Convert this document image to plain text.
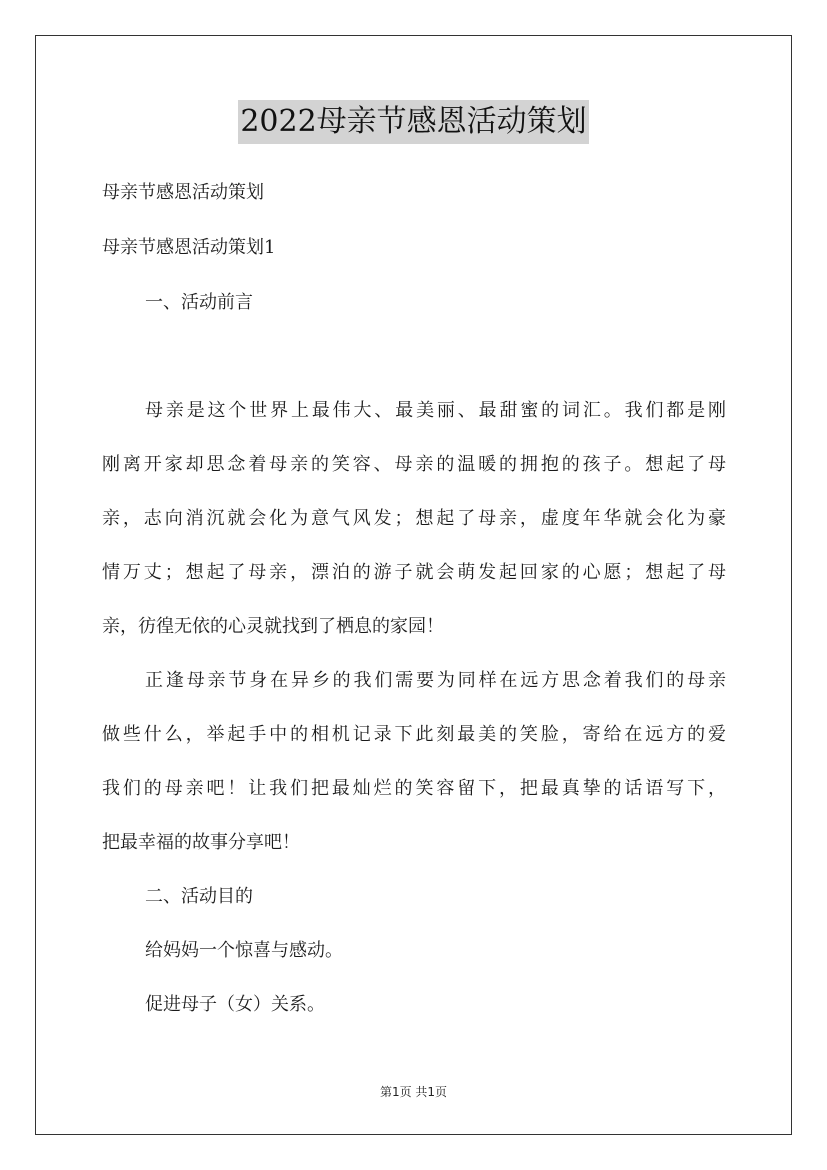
2022母亲节感恩活动策划
母亲节感恩活动策划
母亲节感恩活动策划1
一、活动前言
母亲是这个世界上最伟大、最美丽、最甜蜜的词汇。我们都是刚
刚离开家却思念着母亲的笑容、母亲的温暖的拥抱的孩子。想起了母
亲，志向消沉就会化为意气风发；想起了母亲，虚度年华就会化为豪
情万丈；想起了母亲，漂泊的游子就会萌发起回家的心愿；想起了母
亲，彷徨无依的心灵就找到了栖息的家园！
正逢母亲节身在异乡的我们需要为同样在远方思念着我们的母亲
做些什么，举起手中的相机记录下此刻最美的笑脸，寄给在远方的爱
我们的母亲吧！让我们把最灿烂的笑容留下，把最真挚的话语写下，
把最幸福的故事分享吧！
二、活动目的
给妈妈一个惊喜与感动。
促进母子（女）关系。
第1页 共1页
